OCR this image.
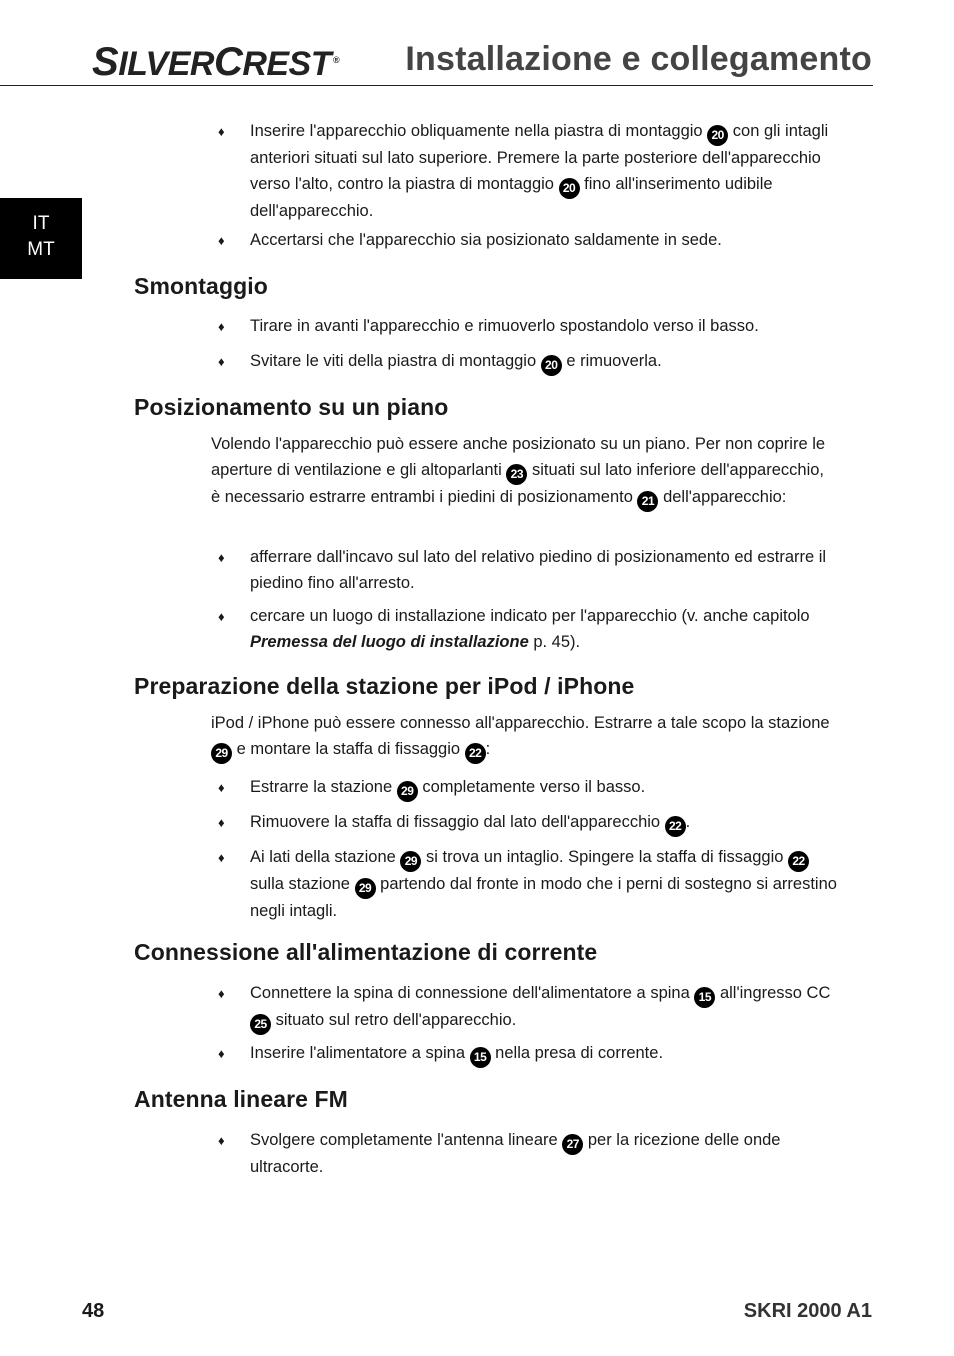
SILVERCREST ® Installazione e collegamento
IT
MT
♦ Inserire l'apparecchio obliquamente nella piastra di montaggio 20 con gli intagli anteriori situati sul lato superiore. Premere la parte posteriore dell'apparecchio verso l'alto, contro la piastra di montaggio 20 fino all'inserimento udibile dell'apparecchio.
♦ Accertarsi che l'apparecchio sia posizionato saldamente in sede.
Smontaggio
♦ Tirare in avanti l'apparecchio e rimuoverlo spostandolo verso il basso.
♦ Svitare le viti della piastra di montaggio 20 e rimuoverla.
Posizionamento su un piano

Volendo l'apparecchio può essere anche posizionato su un piano. Per non coprire le aperture di ventilazione e gli altoparlanti 23 situati sul lato inferiore dell'apparecchio, è necessario estrarre entrambi i piedini di posizionamento 21 dell'apparecchio:

♦ afferrare dall'incavo sul lato del relativo piedino di posizionamento ed estrarre il piedino fino all'arresto.
♦ cercare un luogo di installazione indicato per l'apparecchio (v. anche capitolo Premessa del luogo di installazione p. 45).
Preparazione della stazione per iPod / iPhone

iPod / iPhone può essere connesso all'apparecchio. Estrarre a tale scopo la stazione 29 e montare la staffa di fissaggio 22 :

♦ Estrarre la stazione 29 completamente verso il basso.
♦ Rimuovere la staffa di fissaggio dal lato dell'apparecchio 22 .
♦ Ai lati della stazione 29 si trova un intaglio. Spingere la staffa di fissaggio 22 sulla stazione 29 partendo dal fronte in modo che i perni di sostegno si arrestino negli intagli.
Connessione all'alimentazione di corrente
♦ Connettere la spina di connessione dell'alimentatore a spina 15 all'ingresso CC 25 situato sul retro dell'apparecchio.
♦ Inserire l'alimentatore a spina 15 nella presa di corrente.
Antenna lineare FM
♦ Svolgere completamente l'antenna lineare 27 per la ricezione delle onde ultracorte.
48	SKRI 2000 A1
